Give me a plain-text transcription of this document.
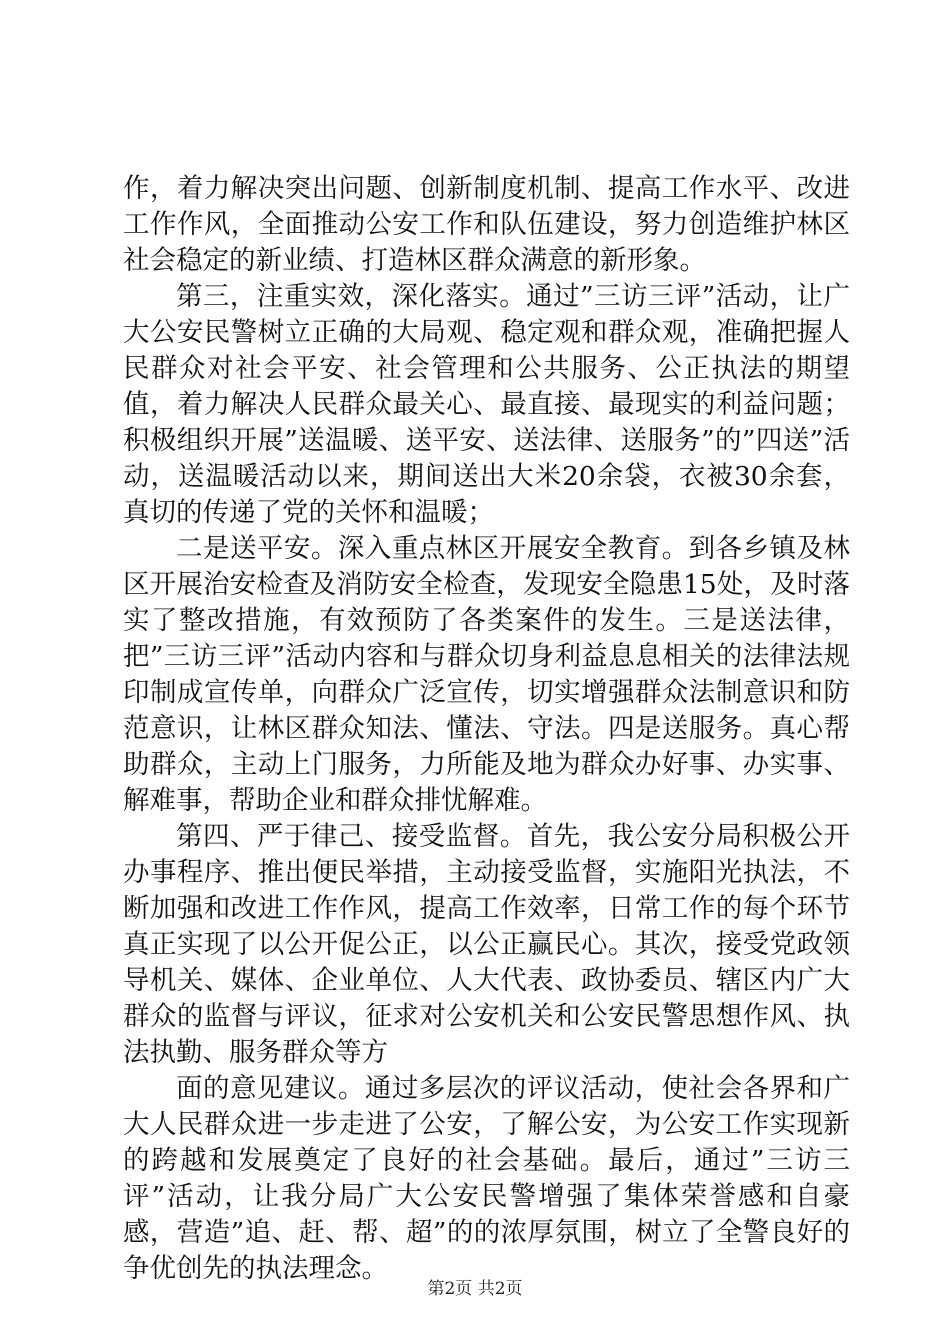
作，着力解决突出问题、创新制度机制、提高工作水平、改进工作作风，全面推动公安工作和队伍建设，努力创造维护林区社会稳定的新业绩、打造林区群众满意的新形象。

第三，注重实效，深化落实。通过”三访三评”活动，让广大公安民警树立正确的大局观、稳定观和群众观，准确把握人民群众对社会平安、社会管理和公共服务、公正执法的期望值，着力解决人民群众最关心、最直接、最现实的利益问题；积极组织开展”送温暖、送平安、送法律、送服务”的”四送”活动，送温暖活动以来，期间送出大米20余袋，衣被30余套，真切的传递了党的关怀和温暖；

二是送平安。深入重点林区开展安全教育。到各乡镇及林区开展治安检查及消防安全检查，发现安全隐患15处，及时落实了整改措施，有效预防了各类案件的发生。三是送法律，把”三访三评”活动内容和与群众切身利益息息相关的法律法规印制成宣传单，向群众广泛宣传，切实增强群众法制意识和防范意识，让林区群众知法、懂法、守法。四是送服务。真心帮助群众，主动上门服务，力所能及地为群众办好事、办实事、解难事，帮助企业和群众排忧解难。

第四、严于律己、接受监督。首先，我公安分局积极公开办事程序、推出便民举措，主动接受监督，实施阳光执法，不断加强和改进工作作风，提高工作效率，日常工作的每个环节真正实现了以公开促公正，以公正赢民心。其次，接受党政领导机关、媒体、企业单位、人大代表、政协委员、辖区内广大群众的监督与评议，征求对公安机关和公安民警思想作风、执法执勤、服务群众等方

面的意见建议。通过多层次的评议活动，使社会各界和广大人民群众进一步走进了公安，了解公安，为公安工作实现新的跨越和发展奠定了良好的社会基础。最后，通过”三访三评”活动，让我分局广大公安民警增强了集体荣誉感和自豪感，营造”追、赶、帮、超”的的浓厚氛围，树立了全警良好的争优创先的执法理念。

第2页 共2页
